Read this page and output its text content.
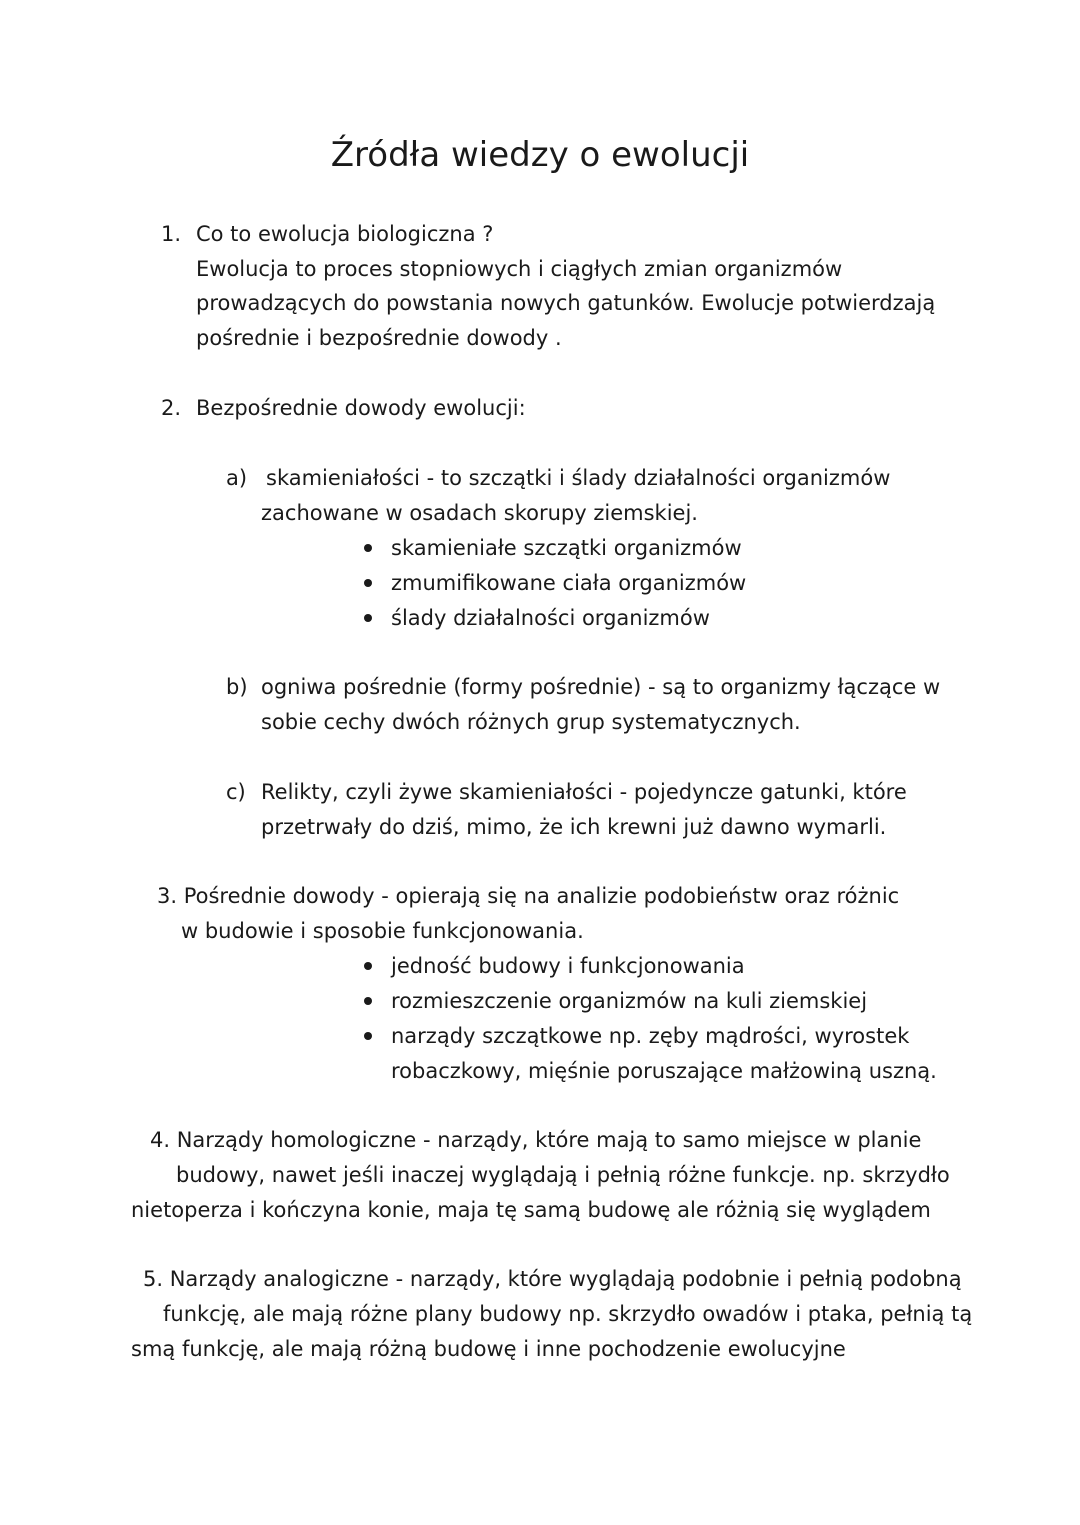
Źródła wiedzy o ewolucji
1. Co to ewolucja biologiczna ?
Ewolucja to proces stopniowych i ciągłych zmian organizmów
prowadzących do powstania nowych gatunków. Ewolucje potwierdzają
pośrednie i bezpośrednie dowody .
2. Bezpośrednie dowody ewolucji:
a) skamieniałości - to szczątki i ślady działalności organizmów
zachowane w osadach skorupy ziemskiej.
skamieniałe szczątki organizmów
zmumifikowane ciała organizmów
ślady działalności organizmów
b) ogniwa pośrednie (formy pośrednie) - są to organizmy łączące w
sobie cechy dwóch różnych grup systematycznych.
c) Relikty, czyli żywe skamieniałości - pojedyncze gatunki, które
przetrwały do dziś, mimo, że ich krewni już dawno wymarli.
3. Pośrednie dowody - opierają się na analizie podobieństw oraz różnic
w budowie i sposobie funkcjonowania.
jedność budowy i funkcjonowania
rozmieszczenie organizmów na kuli ziemskiej
narządy szczątkowe np. zęby mądrości, wyrostek
robaczkowy, mięśnie poruszające małżowiną uszną.
4. Narządy homologiczne - narządy, które mają to samo miejsce w planie
budowy, nawet jeśli inaczej wyglądają i pełnią różne funkcje. np. skrzydło
nietoperza i kończyna konie, maja tę samą budowę ale różnią się wyglądem
5. Narządy analogiczne - narządy, które wyglądają podobnie i pełnią podobną
funkcję, ale mają różne plany budowy np. skrzydło owadów i ptaka, pełnią tą
smą funkcję, ale mają różną budowę i inne pochodzenie ewolucyjne
